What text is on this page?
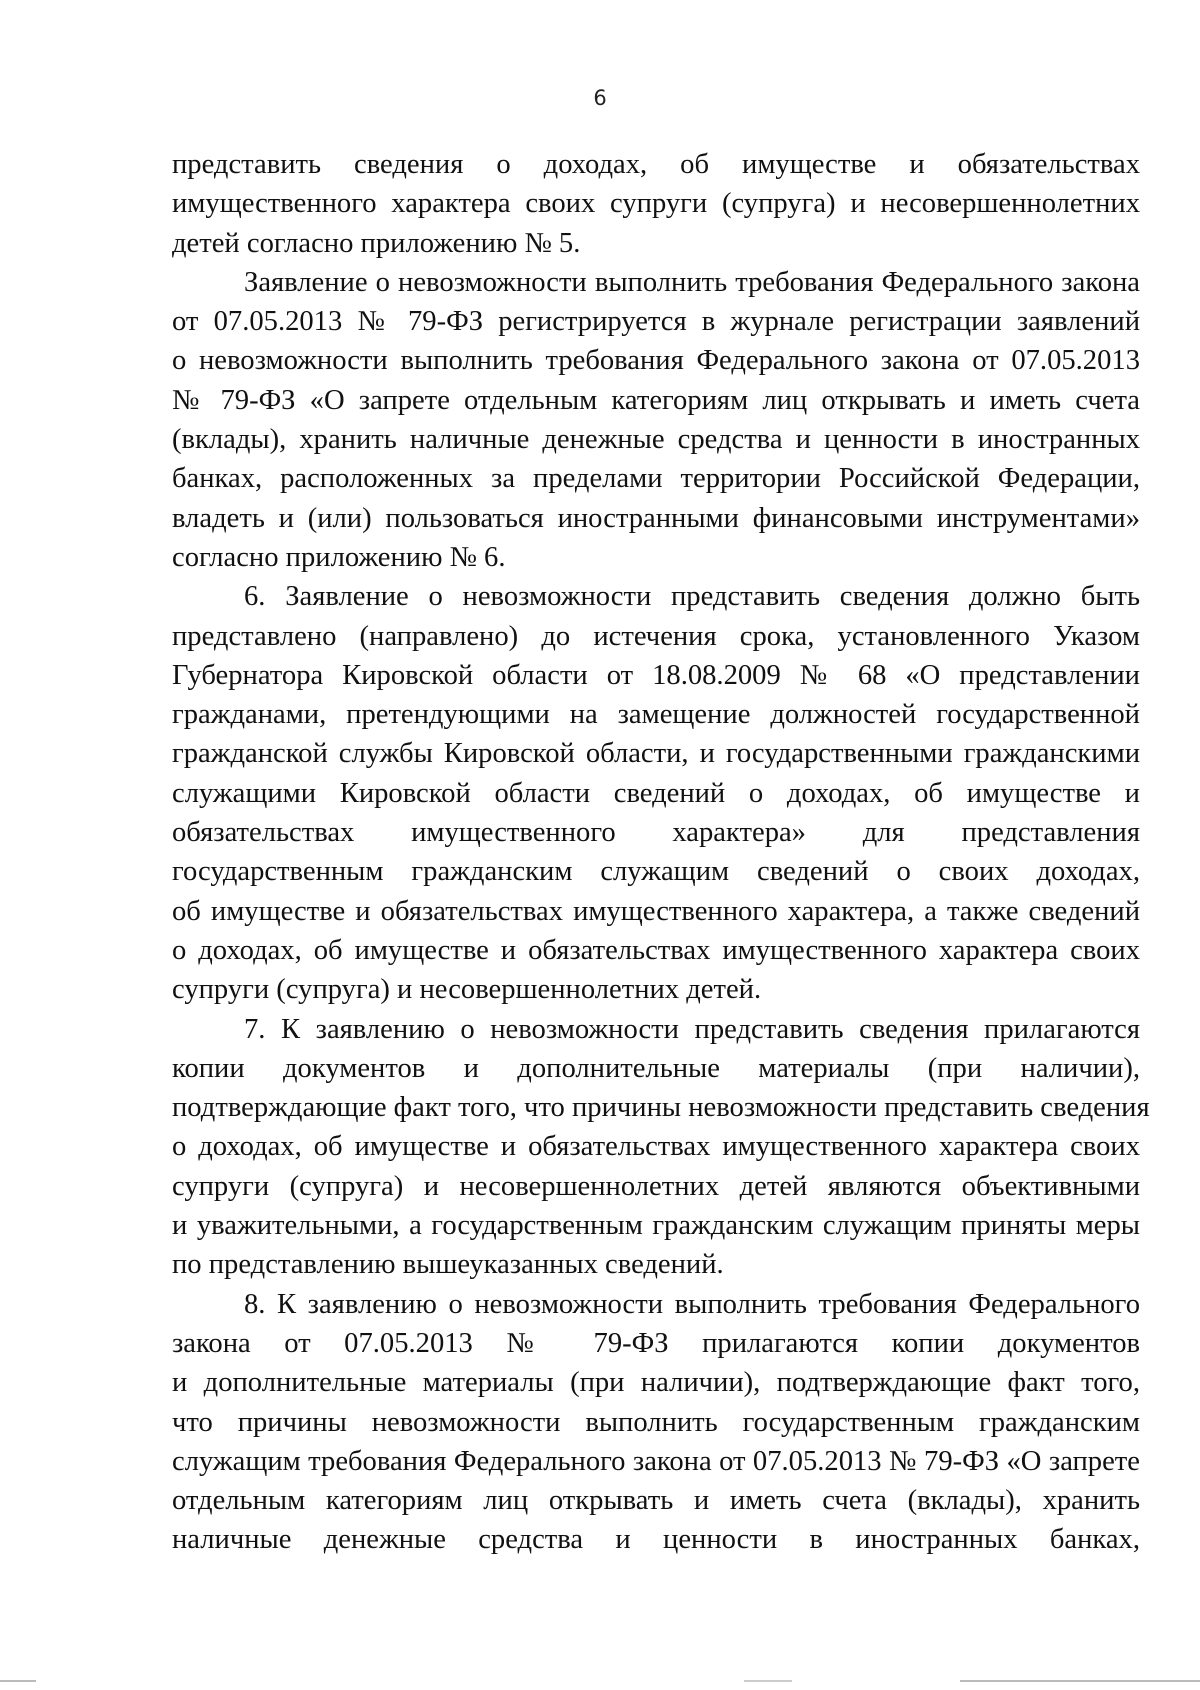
6
представить сведения о доходах, об имуществе и обязательствах
имущественного характера своих супруги (супруга) и несовершеннолетних
детей согласно приложению № 5.
Заявление о невозможности выполнить требования Федерального закона
от 07.05.2013 № 79-ФЗ регистрируется в журнале регистрации заявлений
о невозможности выполнить требования Федерального закона от 07.05.2013
№ 79-ФЗ «О запрете отдельным категориям лиц открывать и иметь счета
(вклады), хранить наличные денежные средства и ценности в иностранных
банках, расположенных за пределами территории Российской Федерации,
владеть и (или) пользоваться иностранными финансовыми инструментами»
согласно приложению № 6.
6. Заявление о невозможности представить сведения должно быть
представлено (направлено) до истечения срока, установленного Указом
Губернатора Кировской области от 18.08.2009 № 68 «О представлении
гражданами, претендующими на замещение должностей государственной
гражданской службы Кировской области, и государственными гражданскими
служащими Кировской области сведений о доходах, об имуществе и
обязательствах имущественного характера» для представления
государственным гражданским служащим сведений о своих доходах,
об имуществе и обязательствах имущественного характера, а также сведений
о доходах, об имуществе и обязательствах имущественного характера своих
супруги (супруга) и несовершеннолетних детей.
7. К заявлению о невозможности представить сведения прилагаются
копии документов и дополнительные материалы (при наличии),
подтверждающие факт того, что причины невозможности представить сведения
о доходах, об имуществе и обязательствах имущественного характера своих
супруги (супруга) и несовершеннолетних детей являются объективными
и уважительными, а государственным гражданским служащим приняты меры
по представлению вышеуказанных сведений.
8. К заявлению о невозможности выполнить требования Федерального
закона от 07.05.2013 № 79-ФЗ прилагаются копии документов
и дополнительные материалы (при наличии), подтверждающие факт того,
что причины невозможности выполнить государственным гражданским
служащим требования Федерального закона от 07.05.2013 № 79-ФЗ «О запрете
отдельным категориям лиц открывать и иметь счета (вклады), хранить
наличные денежные средства и ценности в иностранных банках,
